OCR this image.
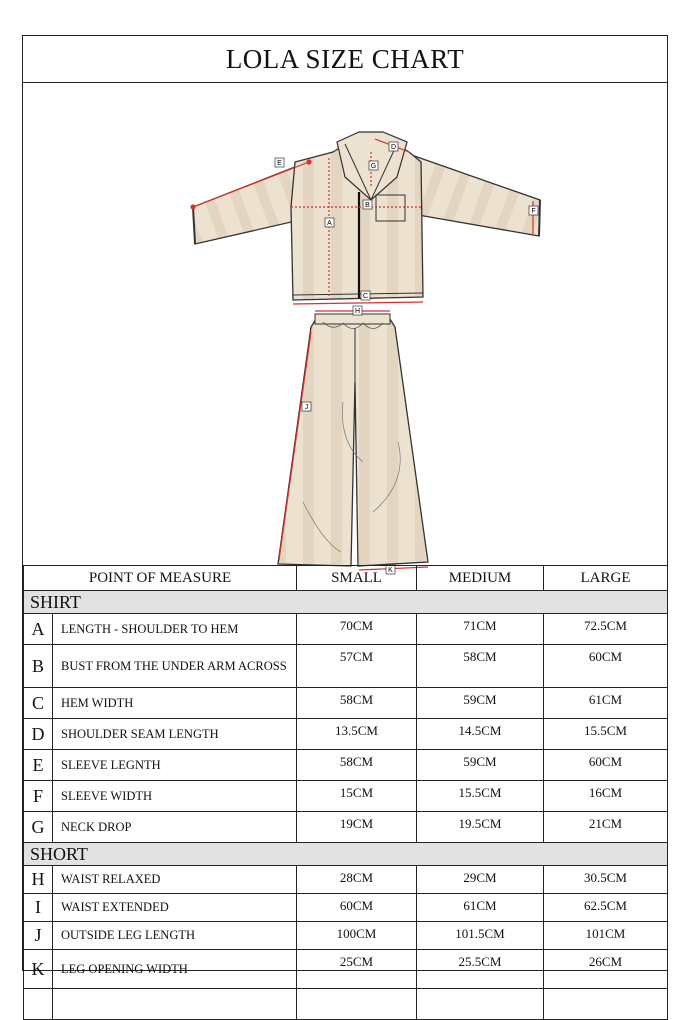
LOLA SIZE CHART
E
D
G
B
A
C
F
H
J
K
POINT OF MEASURE		SMALL	MEDIUM	LARGE
SHIRT				
A	LENGTH - SHOULDER TO HEM	70CM	71CM	72.5CM
B	BUST FROM THE UNDER ARM ACROSS	57CM	58CM	60CM
C	HEM WIDTH	58CM	59CM	61CM
D	SHOULDER SEAM LENGTH	13.5CM	14.5CM	15.5CM
E	SLEEVE LEGNTH	58CM	59CM	60CM
F	SLEEVE WIDTH	15CM	15.5CM	16CM
G	NECK DROP	19CM	19.5CM	21CM
SHORT				
H	WAIST RELAXED	28CM	29CM	30.5CM
I	WAIST EXTENDED	60CM	61CM	62.5CM
J	OUTSIDE LEG LENGTH	100CM	101.5CM	101CM
K	LEG OPENING WIDTH	25CM	25.5CM	26CM
